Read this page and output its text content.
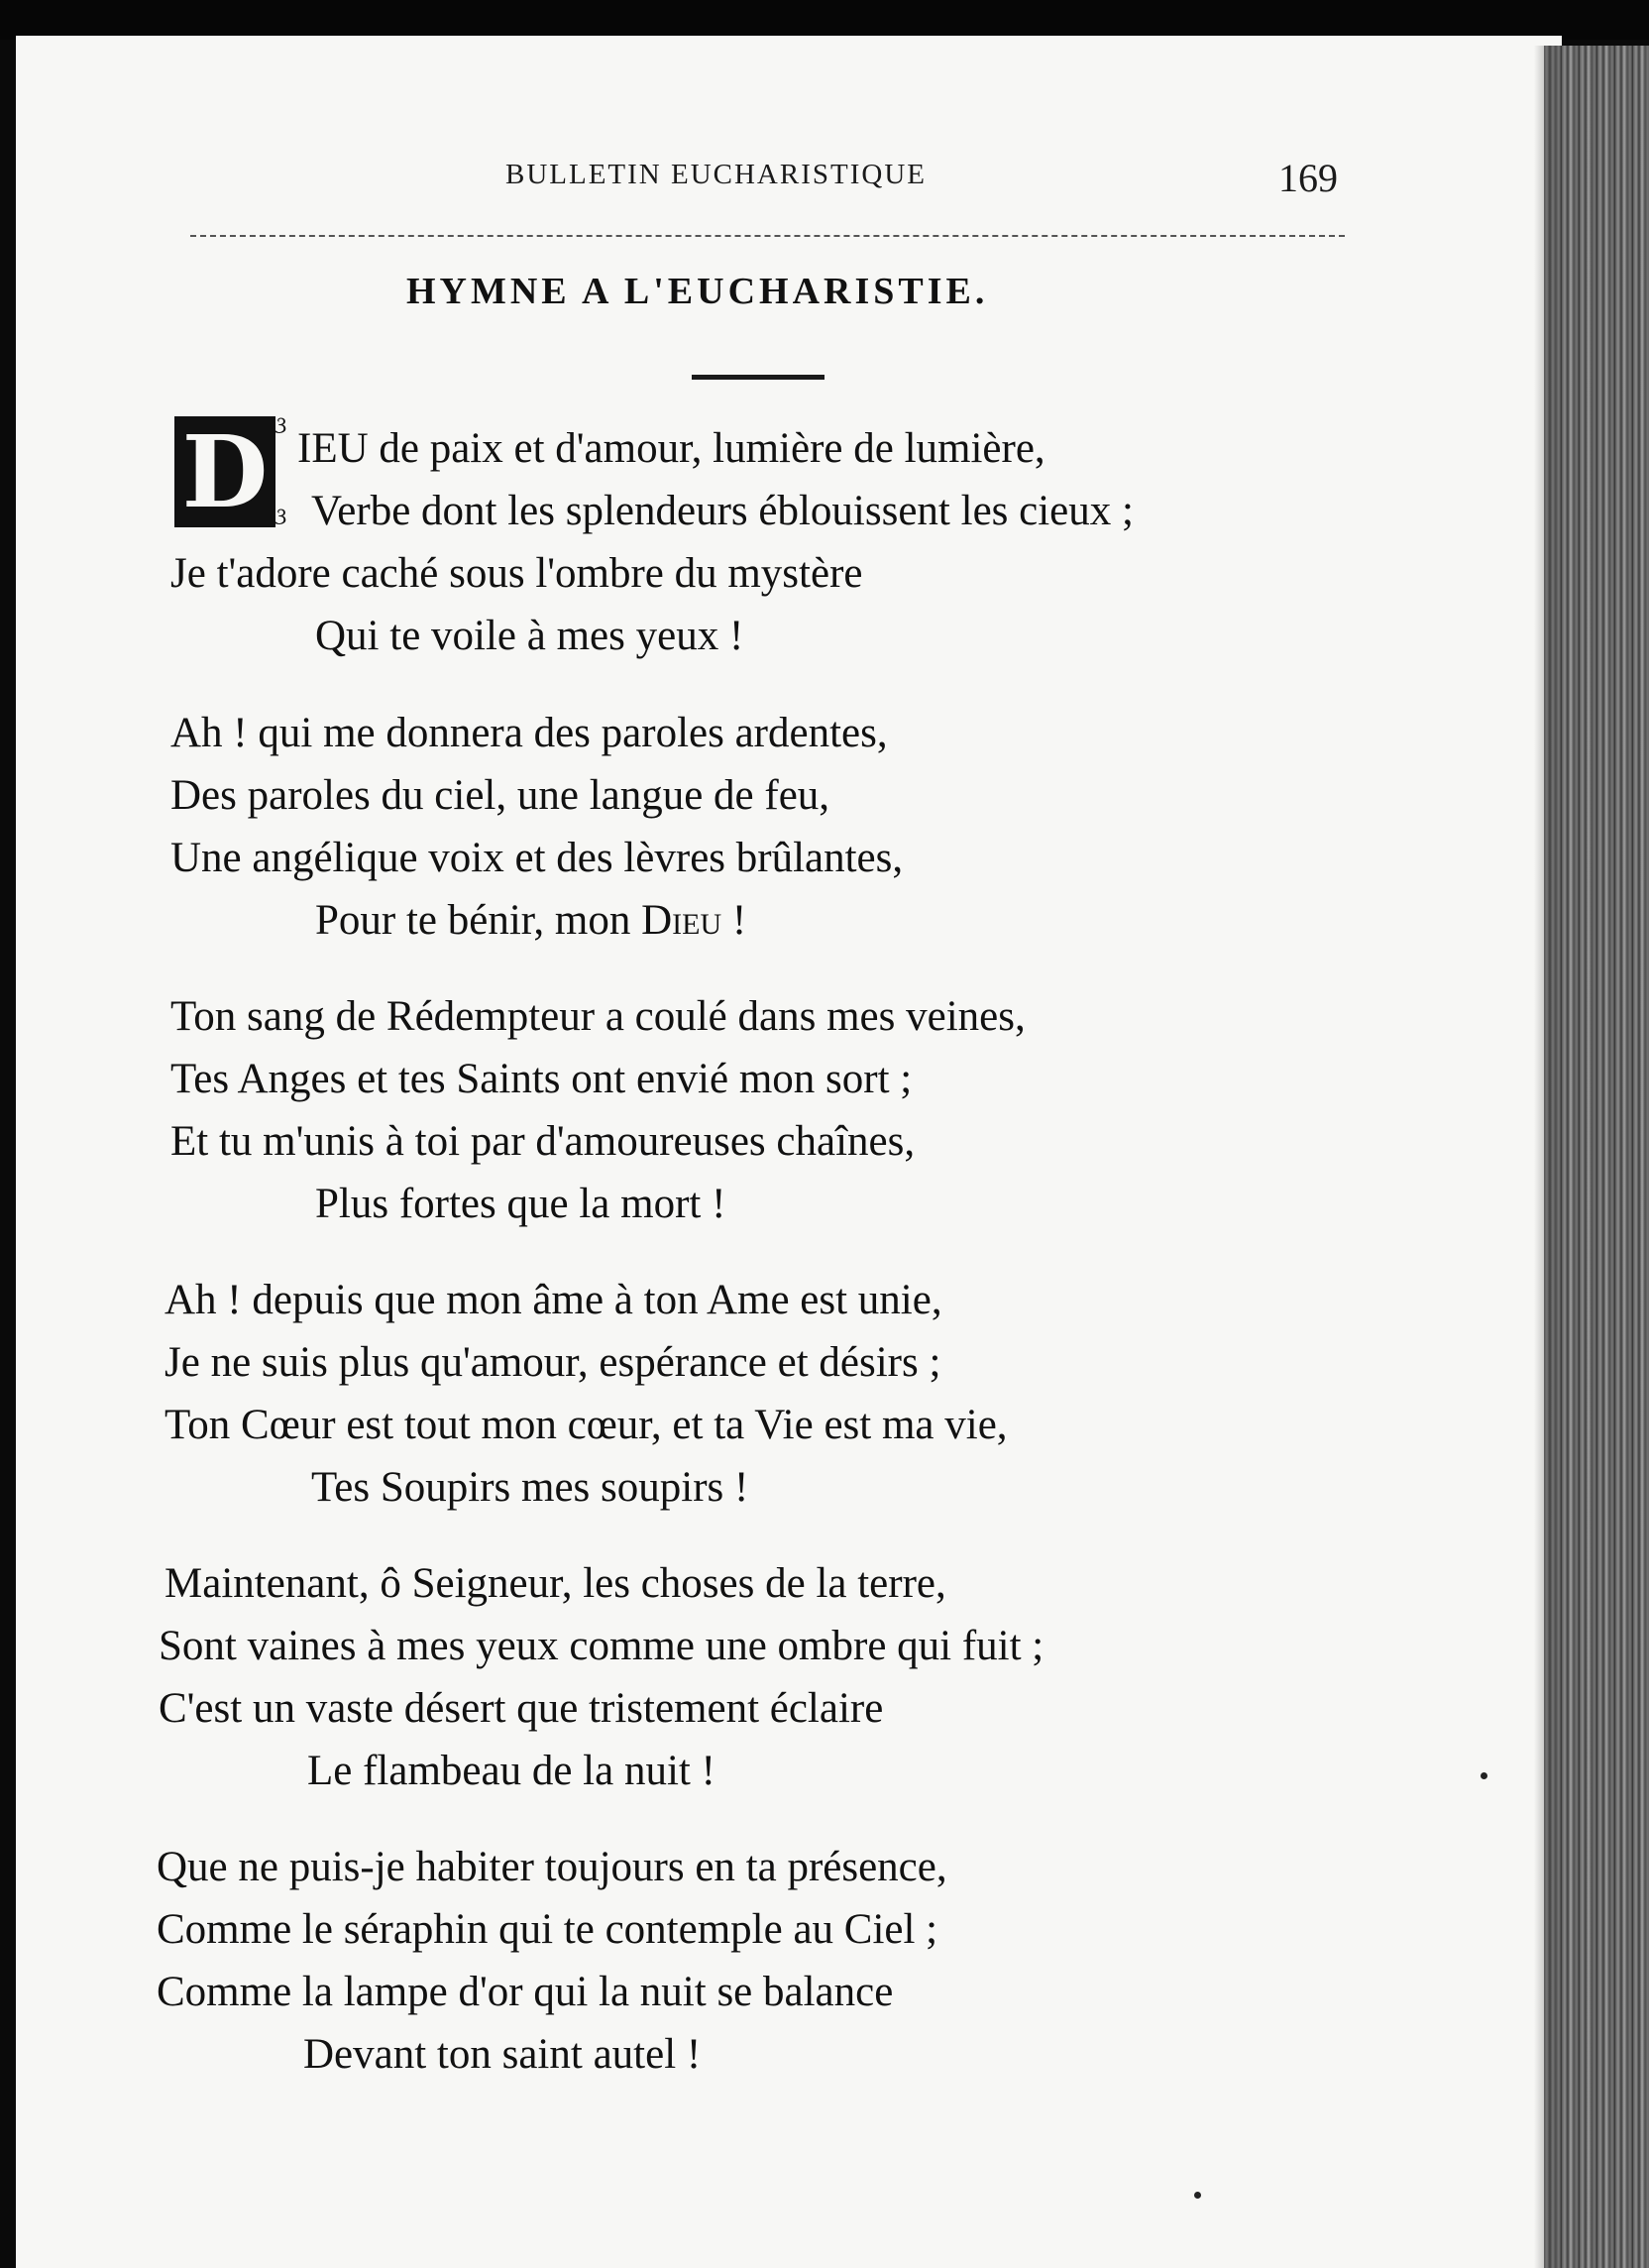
BULLETIN EUCHARISTIQUE	169
HYMNE A L'EUCHARISTIE.
D ଓ
ଓ

IEU de paix et d'amour, lumière de lumière,

Verbe dont les splendeurs éblouissent les cieux ;

Je t'adore caché sous l'ombre du mystère

Qui te voile à mes yeux !

Ah ! qui me donnera des paroles ardentes,

Des paroles du ciel, une langue de feu,

Une angélique voix et des lèvres brûlantes,

Pour te bénir, mon Dieu !

Ton sang de Rédempteur a coulé dans mes veines,

Tes Anges et tes Saints ont envié mon sort ;

Et tu m'unis à toi par d'amoureuses chaînes,

Plus fortes que la mort !

Ah ! depuis que mon âme à ton Ame est unie,

Je ne suis plus qu'amour, espérance et désirs ;

Ton Cœur est tout mon cœur, et ta Vie est ma vie,

Tes Soupirs mes soupirs !

Maintenant, ô Seigneur, les choses de la terre,

Sont vaines à mes yeux comme une ombre qui fuit ;

C'est un vaste désert que tristement éclaire

Le flambeau de la nuit !

Que ne puis-je habiter toujours en ta présence,

Comme le séraphin qui te contemple au Ciel ;

Comme la lampe d'or qui la nuit se balance

Devant ton saint autel !
